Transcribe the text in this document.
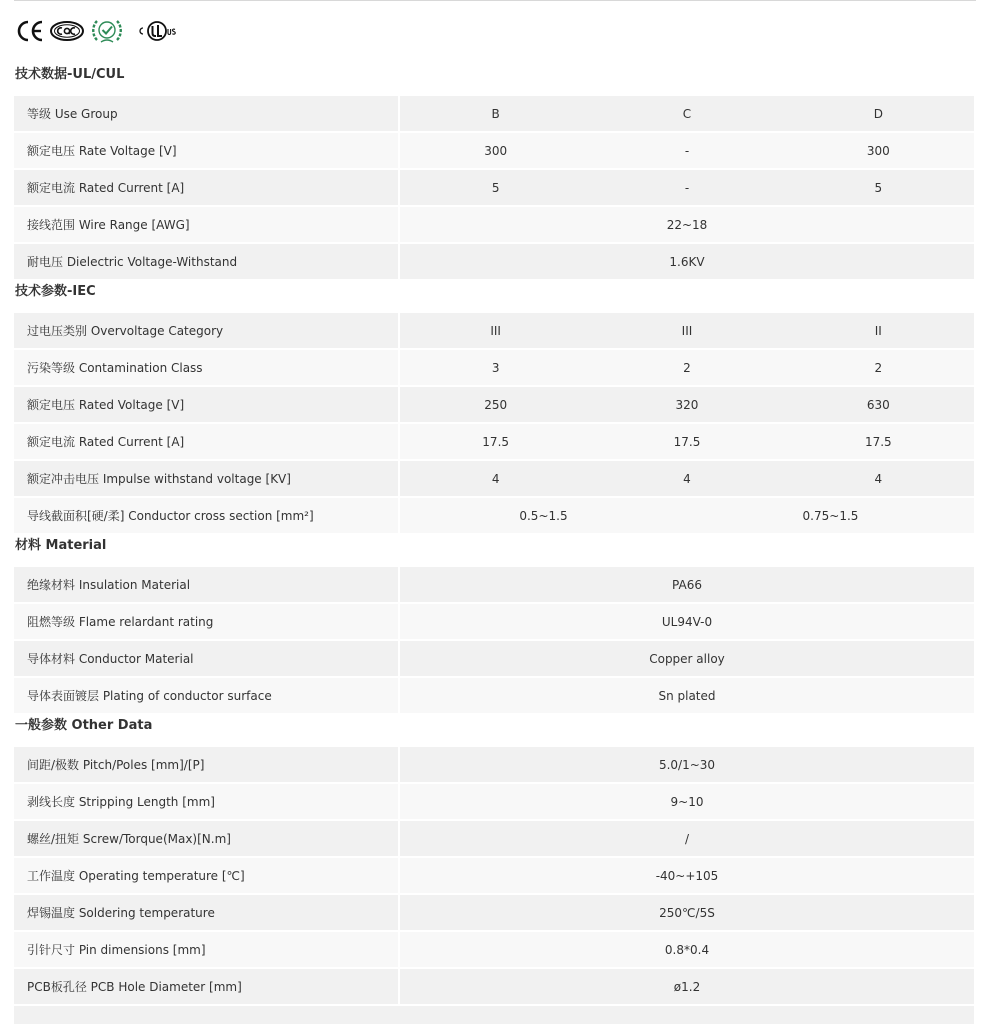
技术数据-UL/CUL
等级 Use Group	B	C	D
额定电压 Rate Voltage [V]	300	-	300
额定电流 Rated Current [A]	5	-	5
接线范围 Wire Range [AWG]	22~18		
耐电压 Dielectric Voltage-Withstand	1.6KV		
技术参数-IEC
过电压类别 Overvoltage Category	III	III		II
污染等级 Contamination Class	3	2		2
额定电压 Rated Voltage [V]	250	320		630
额定电流 Rated Current [A]	17.5	17.5		17.5
额定冲击电压 Impulse withstand voltage [KV]	4	4		4
导线截面积[硬/柔] Conductor cross section [mm²]	0.5~1.5		0.75~1.5	
材料 Material
绝缘材料 Insulation Material	PA66
阻燃等级 Flame relardant rating	UL94V-0
导体材料 Conductor Material	Copper alloy
导体表面镀层 Plating of conductor surface	Sn plated
一般参数 Other Data
间距/极数 Pitch/Poles [mm]/[P]	5.0/1~30
剥线长度 Stripping Length [mm]	9~10
螺丝/扭矩 Screw/Torque(Max)[N.m]	/
工作温度 Operating temperature [℃]	-40~+105
焊锡温度 Soldering temperature	250℃/5S
引针尺寸 Pin dimensions [mm]	0.8*0.4
PCB板孔径 PCB Hole Diameter [mm]	ø1.2
